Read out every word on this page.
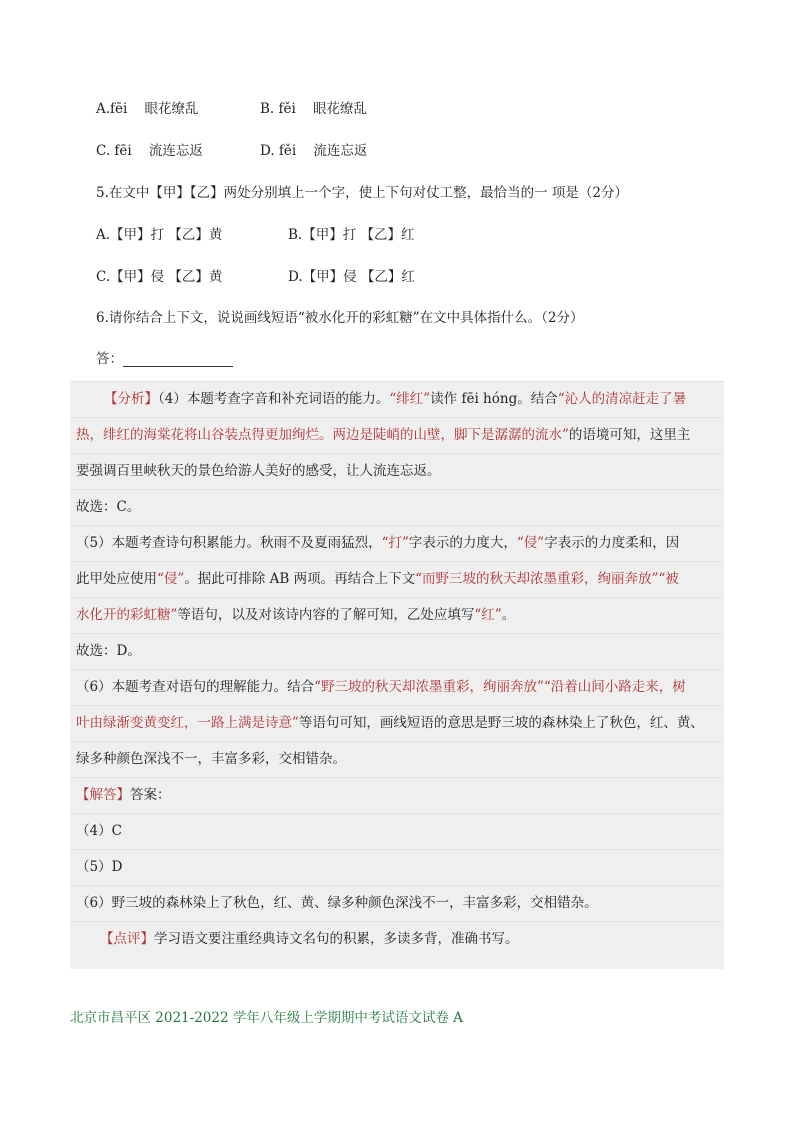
A.fēi 眼花缭乱	B. fěi 眼花缭乱
C. fēi 流连忘返	D. fěi 流连忘返
5.在文中【甲】【乙】两处分别填上一个字，使上下句对仗工整，最恰当的一 项是（2分）
A.【甲】打 【乙】黄	B.【甲】打 【乙】红
C.【甲】侵 【乙】黄	D.【甲】侵 【乙】红
6.请你结合上下文，说说画线短语“被水化开的彩虹糖”在文中具体指什么。（2分）
答：
【分析】（4）本题考查字音和补充词语的能力。“绯红”读作 fēi hóng。结合“沁人的清凉赶走了暑
热，绯红的海棠花将山谷装点得更加绚烂。两边是陡峭的山壁，脚下是潺潺的流水”的语境可知，这里主
要强调百里峡秋天的景色给游人美好的感受，让人流连忘返。
故选：C。
（5）本题考查诗句积累能力。秋雨不及夏雨猛烈，“打”字表示的力度大，“侵”字表示的力度柔和，因
此甲处应使用“侵”。据此可排除 AB 两项。再结合上下文“而野三坡的秋天却浓墨重彩，绚丽奔放”“被
水化开的彩虹糖”等语句，以及对该诗内容的了解可知，乙处应填写“红”。
故选：D。
（6）本题考查对语句的理解能力。结合“野三坡的秋天却浓墨重彩，绚丽奔放”“沿着山间小路走来，树
叶由绿渐变黄变红，一路上满是诗意”等语句可知，画线短语的意思是野三坡的森林染上了秋色，红、黄、
绿多种颜色深浅不一，丰富多彩，交相错杂。
【解答】答案：
（4）C
（5）D
（6）野三坡的森林染上了秋色，红、黄、绿多种颜色深浅不一，丰富多彩，交相错杂。
【点评】学习语文要注重经典诗文名句的积累，多读多背，准确书写。
北京市昌平区 2021-2022 学年八年级上学期期中考试语文试卷 A
